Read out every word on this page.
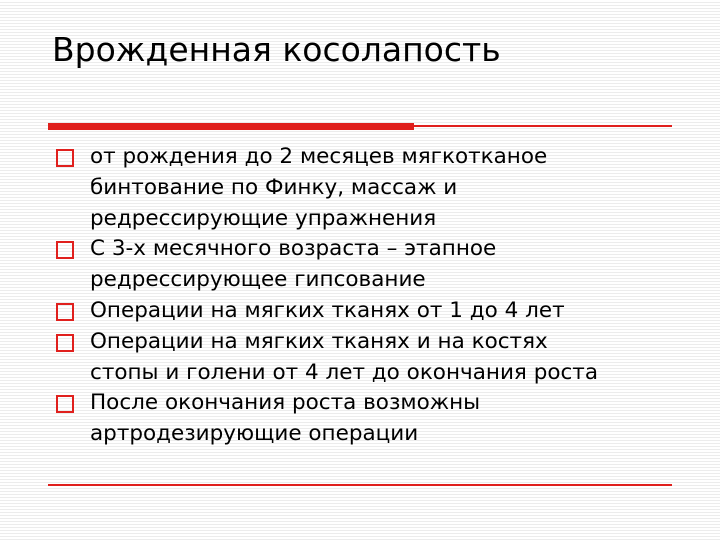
Врожденная косолапость
от рождения до 2 месяцев мягкотканое
бинтование по Финку, массаж и
редрессирующие упражнения
С 3-х месячного возраста – этапное
редрессирующее гипсование
Операции на мягких тканях от 1 до 4 лет
Операции на мягких тканях и на костях
стопы и голени от 4 лет до окончания роста
После окончания роста возможны
артродезирующие операции
